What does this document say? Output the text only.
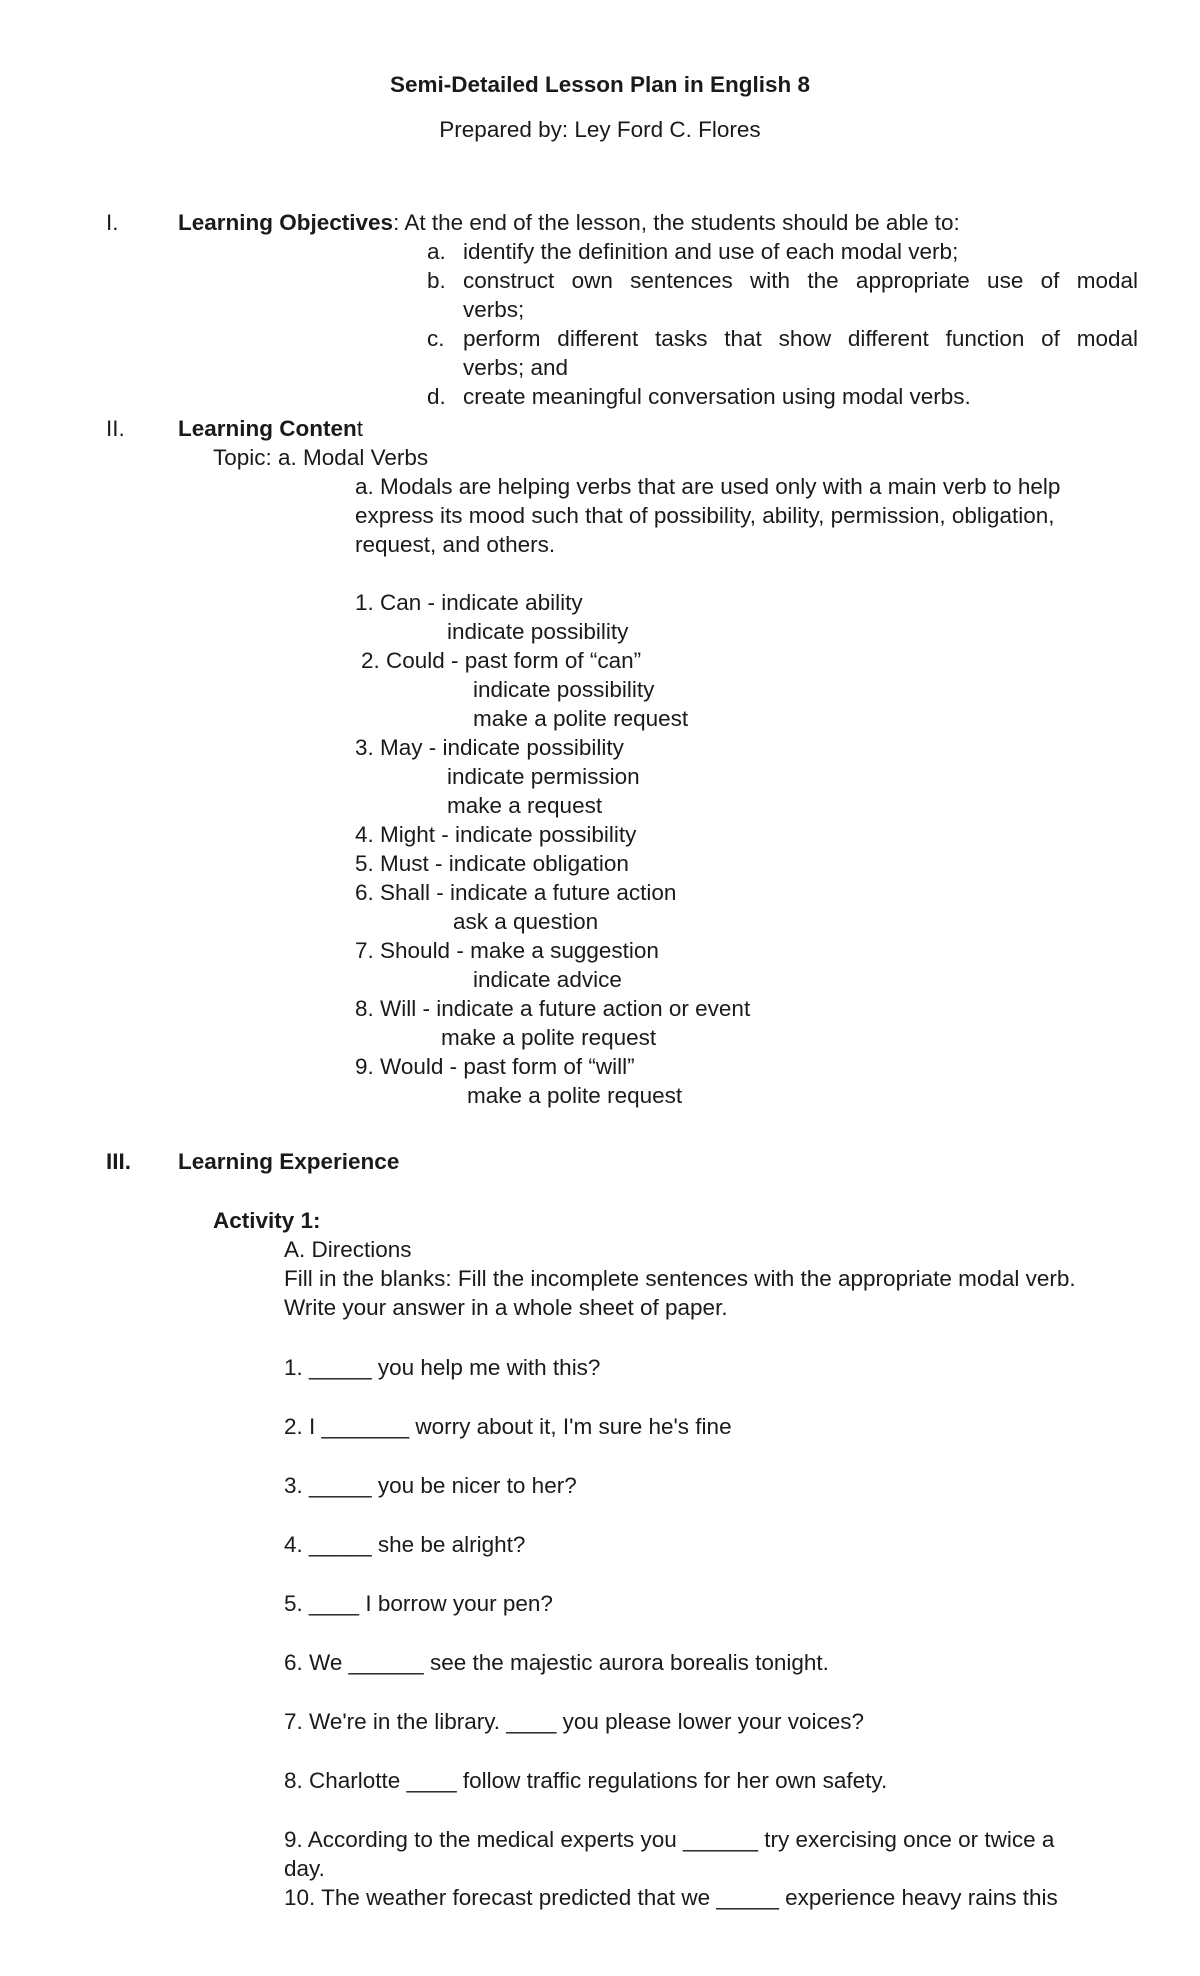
Semi-Detailed Lesson Plan in English 8

Prepared by: Ley Ford C. Flores

I.	Learning Objectives: At the end of the lesson, the students should be able to:

a. identify the definition and use of each modal verb;

b. construct own sentences with the appropriate use of modal

verbs;

c. perform different tasks that show different function of modal

verbs; and

d. create meaningful conversation using modal verbs.

II. Learning Content

Topic: a. Modal Verbs

a. Modals are helping verbs that are used only with a main verb to help

express its mood such that of possibility, ability, permission, obligation,

request, and others.

1. Can - indicate ability

indicate possibility

2. Could - past form of “can”

indicate possibility

make a polite request

3. May - indicate possibility

indicate permission

make a request

4. Might - indicate possibility

5. Must - indicate obligation

6. Shall - indicate a future action

ask a question

7. Should - make a suggestion

indicate advice

8. Will - indicate a future action or event

make a polite request

9. Would - past form of “will”

make a polite request

III. Learning Experience

Activity 1:

A. Directions

Fill in the blanks: Fill the incomplete sentences with the appropriate modal verb.

Write your answer in a whole sheet of paper.

1. _____ you help me with this?

2. I _______ worry about it, I'm sure he's fine

3. _____ you be nicer to her?

4. _____ she be alright?

5. ____ I borrow your pen?

6. We ______ see the majestic aurora borealis tonight.

7. We're in the library. ____ you please lower your voices?

8. Charlotte ____ follow traffic regulations for her own safety.

9. According to the medical experts you ______ try exercising once or twice a

day.

10. The weather forecast predicted that we _____ experience heavy rains this
